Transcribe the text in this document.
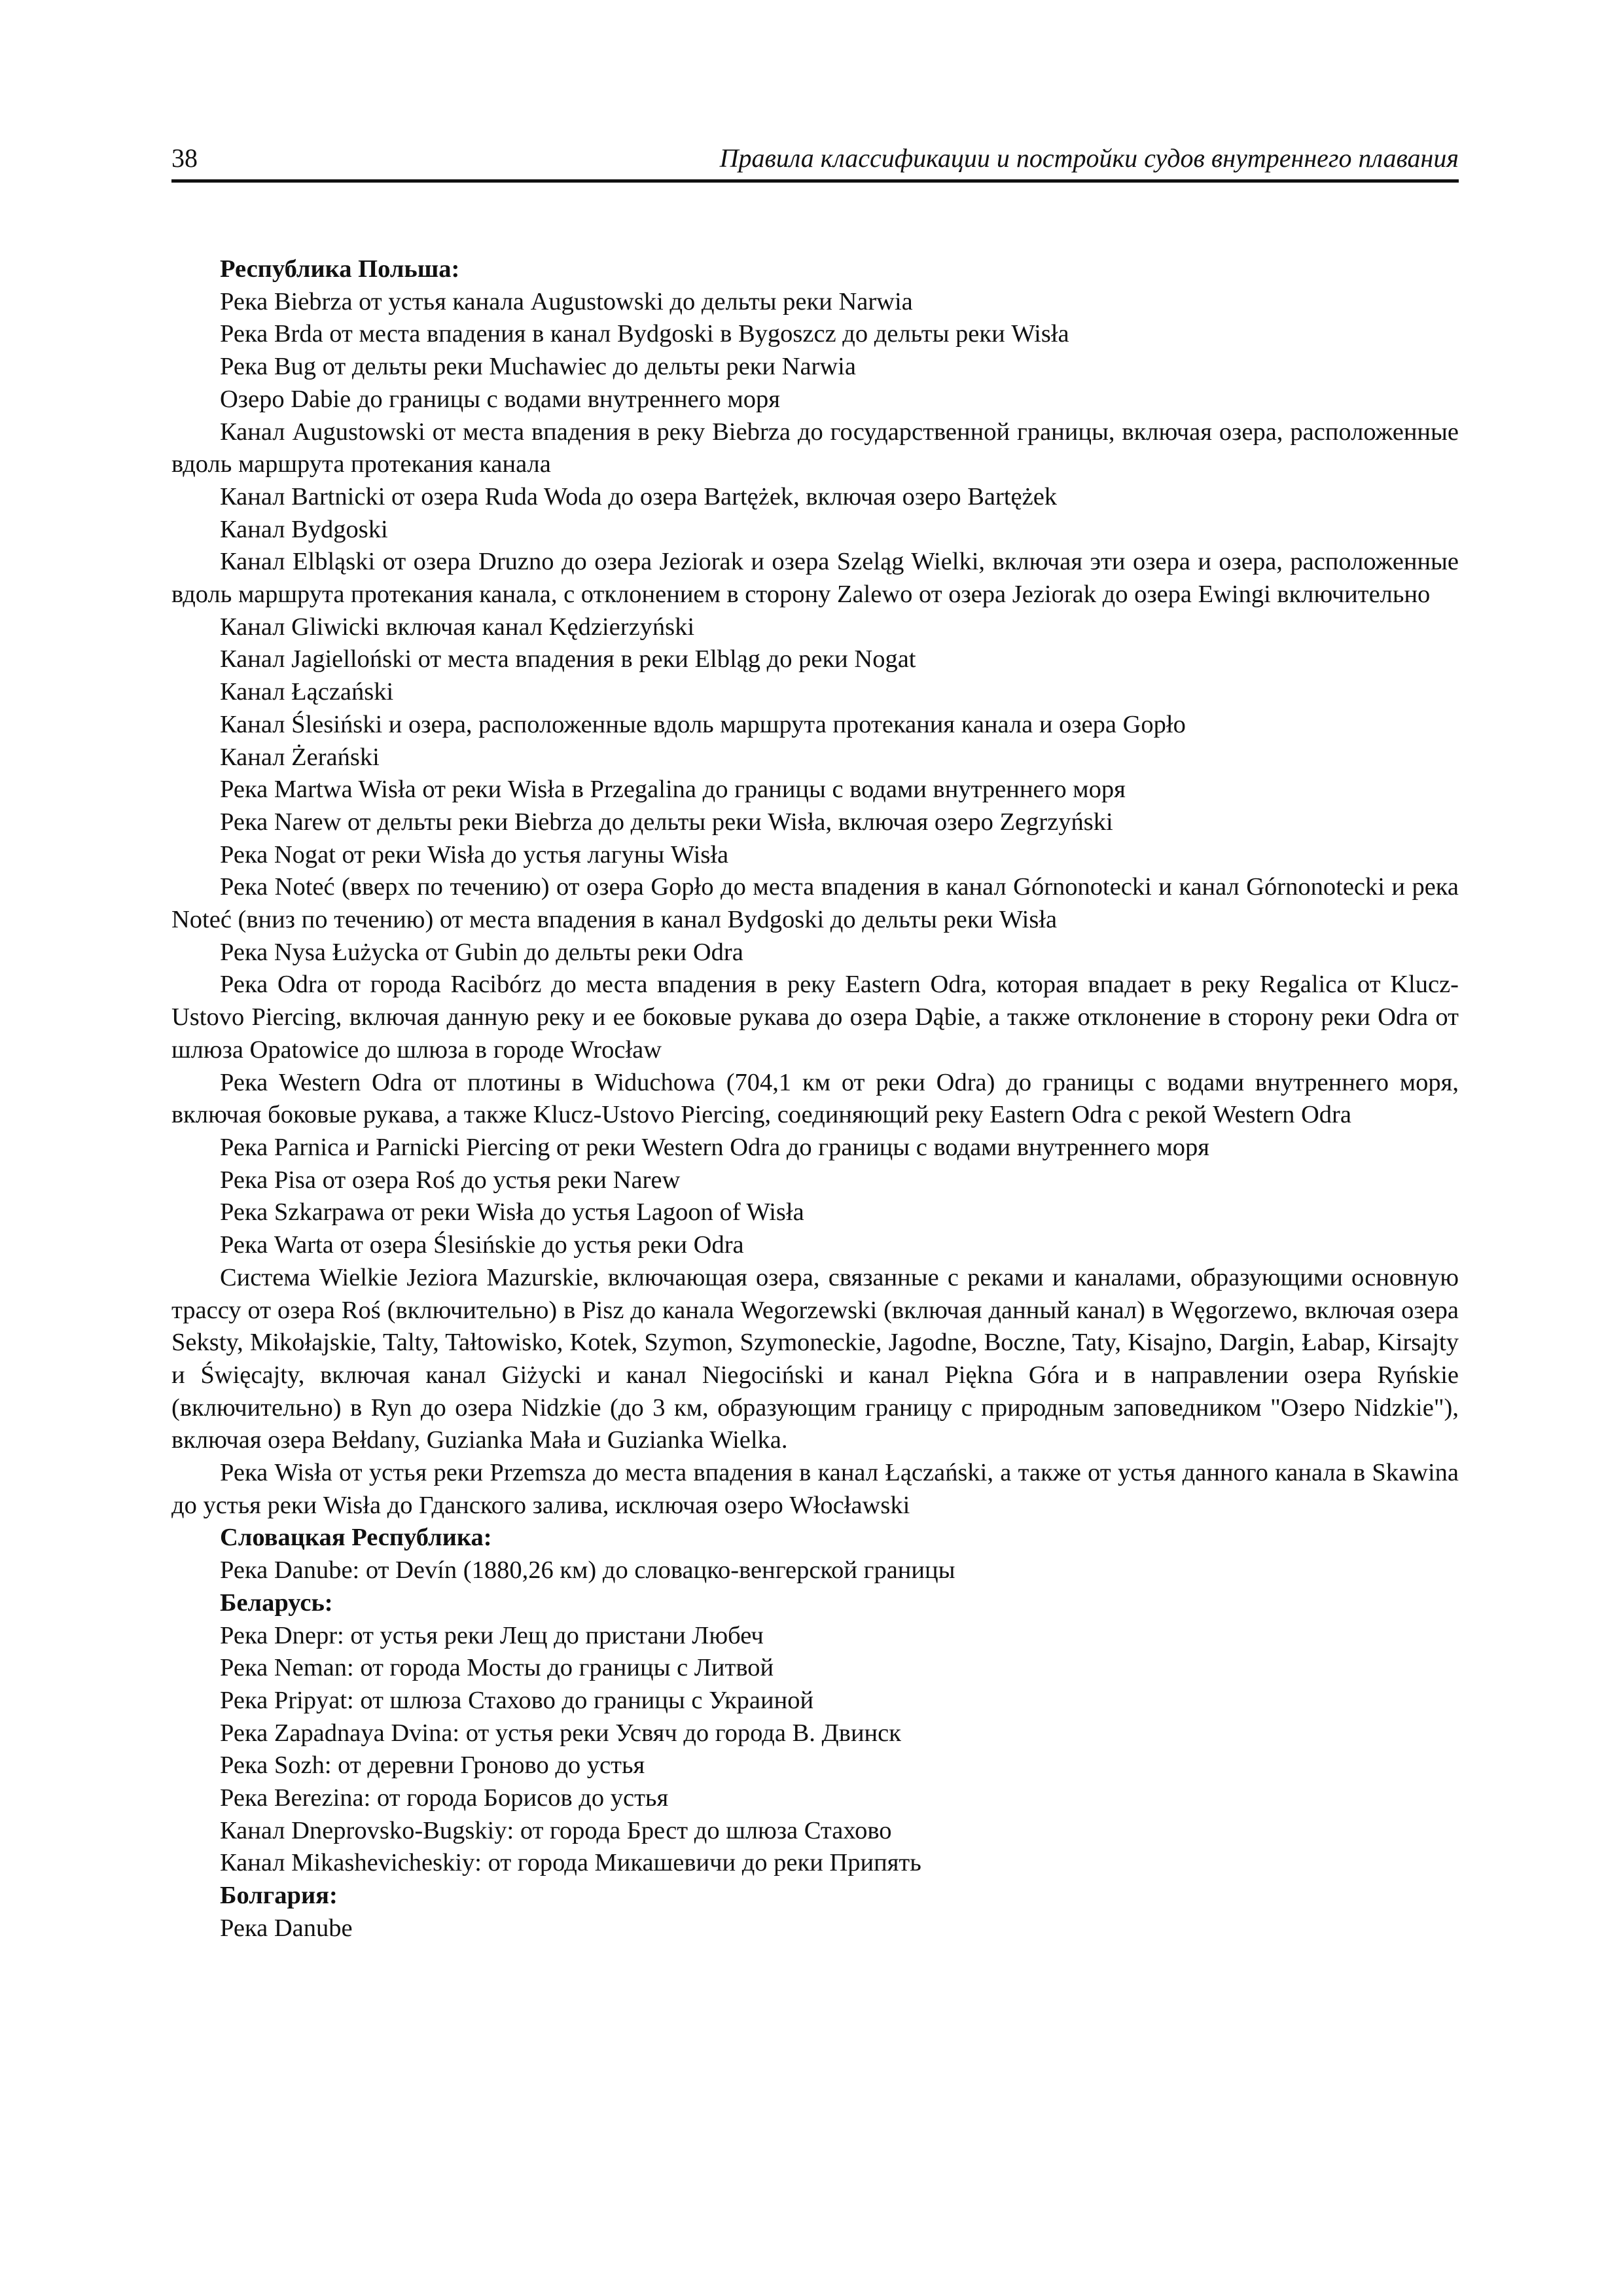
38	Правила классификации и постройки судов внутреннего плавания

Республика Польша:

Река Biebrza от устья канала Augustowski до дельты реки Narwia

Река Brda от места впадения в канал Bydgoski в Bygoszcz до дельты реки Wisła

Река Bug от дельты реки Muchawiec до дельты реки Narwia

Озеро Dabie до границы с водами внутреннего моря

Канал Augustowski от места впадения в реку Biebrza до государственной границы, включая озера, расположенные вдоль маршрута протекания канала

Канал Bartnicki от озера Ruda Woda до озера Bartężek, включая озеро Bartężek

Канал Bydgoski

Канал Elbląski от озера Druzno до озера Jeziorak и озера Szeląg Wielki, включая эти озера и озера, расположенные вдоль маршрута протекания канала, с отклонением в сторону Zalewo от озера Jeziorak до озера Ewingi включительно

Канал Gliwicki включая канал Kędzierzyński

Канал Jagielloński от места впадения в реки Elbląg до реки Nogat

Канал Łączański

Канал Ślesiński и озера, расположенные вдоль маршрута протекания канала и озера Gopło

Канал Żerański

Река Martwa Wisła от реки Wisła в Przegalina до границы с водами внутреннего моря

Река Narew от дельты реки Biebrza до дельты реки Wisła, включая озеро Zegrzyński

Река Nogat от реки Wisła до устья лагуны Wisła

Река Noteć (вверх по течению) от озера Gopło до места впадения в канал Górnonotecki и канал Górnonotecki и река Noteć (вниз по течению) от места впадения в канал Bydgoski до дельты реки Wisła

Река Nysa Łużycka от Gubin до дельты реки Odra

Река Odra от города Racibórz до места впадения в реку Eastern Odra, которая впадает в реку Regalica от Klucz-Ustovo Piercing, включая данную реку и ее боковые рукава до озера Dąbie, а также отклонение в сторону реки Odra от шлюза Opatowice до шлюза в городе Wrocław

Река Western Odra от плотины в Widuchowa (704,1 км от реки Odra) до границы с водами внутреннего моря, включая боковые рукава, а также Klucz-Ustovo Piercing, соединяющий реку Eastern Odra с рекой Western Odra

Река Parnica и Parnicki Piercing от реки Western Odra до границы с водами внутреннего моря

Река Pisa от озера Roś до устья реки Narew

Река Szkarpawa от реки Wisła до устья Lagoon of Wisła

Река Warta от озера Ślesińskie до устья реки Odra

Система Wielkie Jeziora Mazurskie, включающая озера, связанные с реками и каналами, образующими основную трассу от озера Roś (включительно) в Pisz до канала Wegorzewski (включая данный канал) в Węgorzewo, включая озера Seksty, Mikołajskie, Talty, Tałtowisko, Kotek, Szymon, Szymoneckie, Jagodne, Boczne, Taty, Kisajno, Dargin, Łabap, Kirsajty и Święcajty, включая канал Giżycki и канал Niegociński и канал Piękna Góra и в направлении озера Ryńskie (включительно) в Ryn до озера Nidzkie (до 3 км, образующим границу с природным заповедником "Озеро Nidzkie"), включая озера Bełdany, Guzianka Mała и Guzianka Wielka.

Река Wisła от устья реки Przemsza до места впадения в канал Łączański, а также от устья данного канала в Skawina до устья реки Wisła до Гданского залива, исключая озеро Włocławski

Словацкая Республика:

Река Danube: от Devín (1880,26 км) до словацко-венгерской границы

Беларусь:

Река Dnepr: от устья реки Лещ до пристани Любеч

Река Neman: от города Мосты до границы с Литвой

Река Pripyat: от шлюза Стахово до границы с Украиной

Река Zapadnaya Dvina: от устья реки Усвяч до города В. Двинск

Река Sozh: от деревни Гроново до устья

Река Berezina: от города Борисов до устья

Канал Dneprovsko-Bugskiy: от города Брест до шлюза Стахово

Канал Mikashevicheskiy: от города Микашевичи до реки Припять

Болгария:

Река Danube
